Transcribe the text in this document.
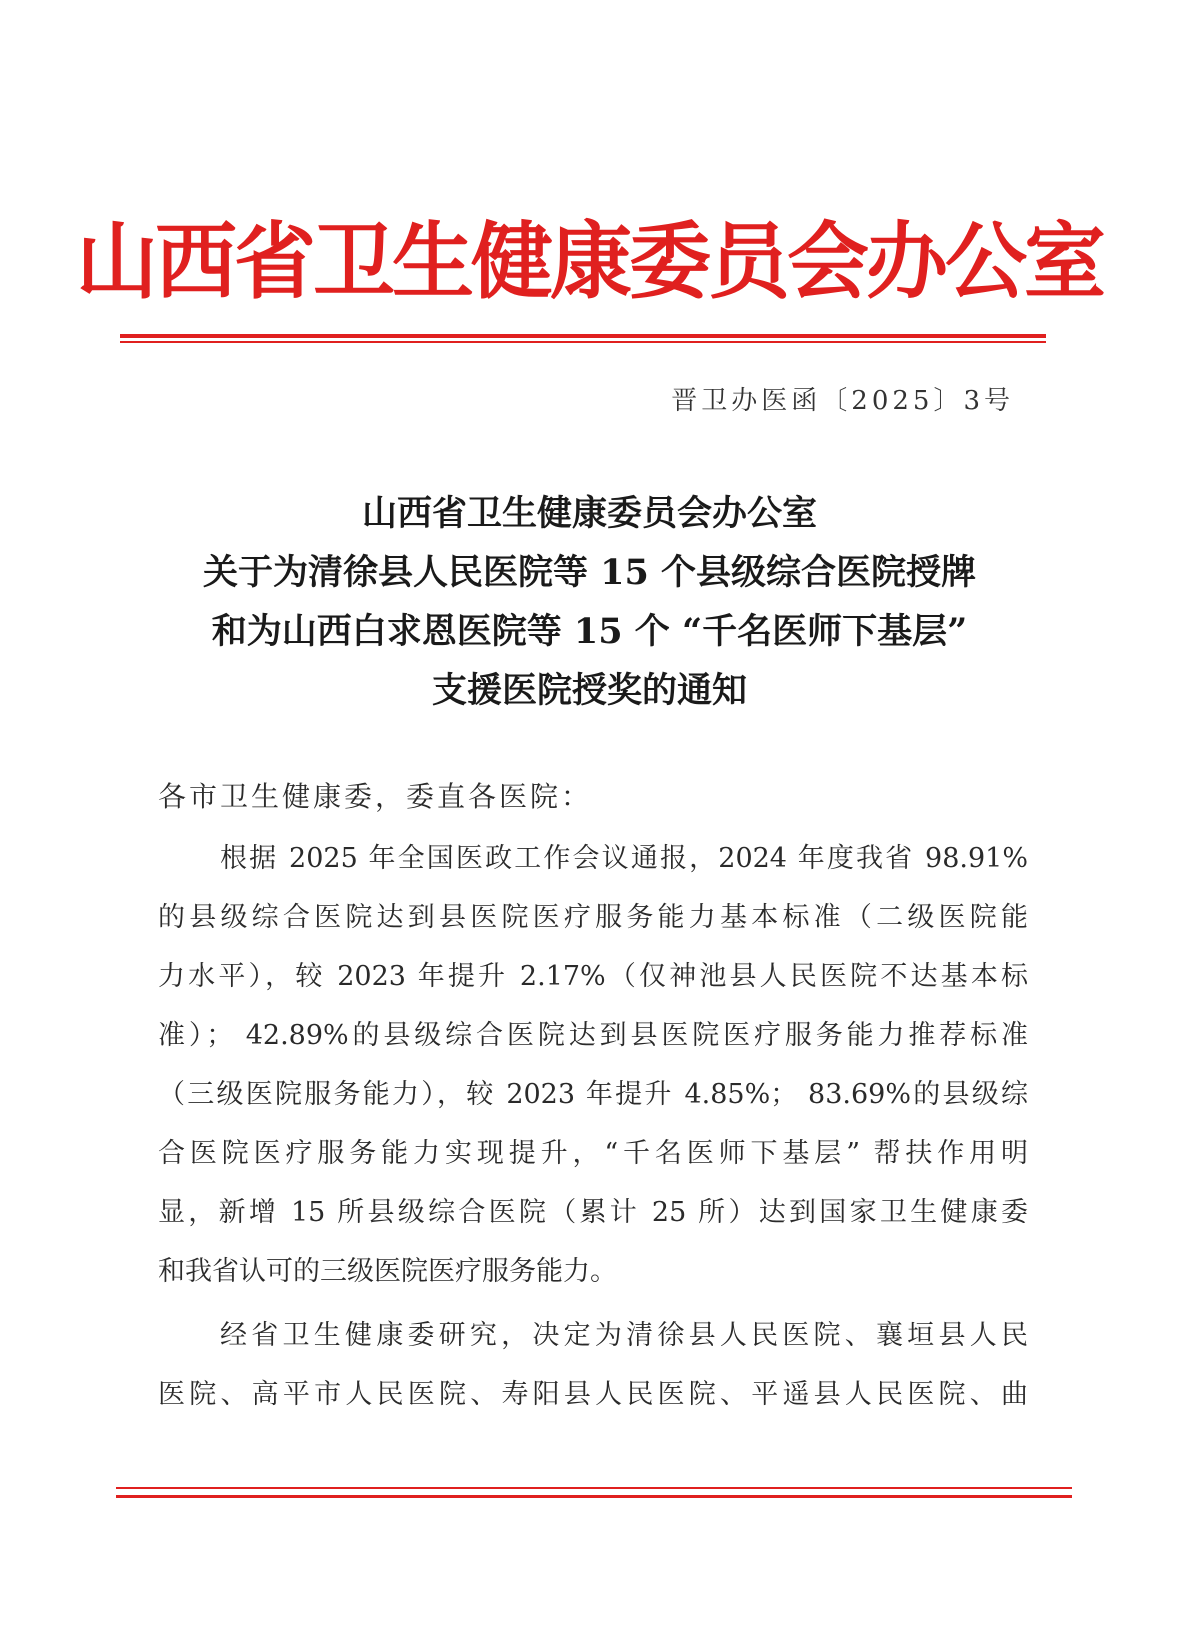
山西省卫生健康委员会办公室
晋卫办医函〔2025〕3号
山西省卫生健康委员会办公室
关于为清徐县人民医院等 15 个县级综合医院授牌
和为山西白求恩医院等 15 个 “千名医师下基层”
支援医院授奖的通知
各市卫生健康委，委直各医院：
根据 2025 年全国医政工作会议通报，2024 年度我省 98.91%
的县级综合医院达到县医院医疗服务能力基本标准（二级医院能
力水平），较 2023 年提升 2.17%（仅神池县人民医院不达基本标
准）； 42.89%的县级综合医院达到县医院医疗服务能力推荐标准
（三级医院服务能力），较 2023 年提升 4.85%； 83.69%的县级综
合医院医疗服务能力实现提升，“千名医师下基层” 帮扶作用明
显，新增 15 所县级综合医院（累计 25 所）达到国家卫生健康委
和我省认可的三级医院医疗服务能力。
经省卫生健康委研究，决定为清徐县人民医院、襄垣县人民
医院、高平市人民医院、寿阳县人民医院、平遥县人民医院、曲
